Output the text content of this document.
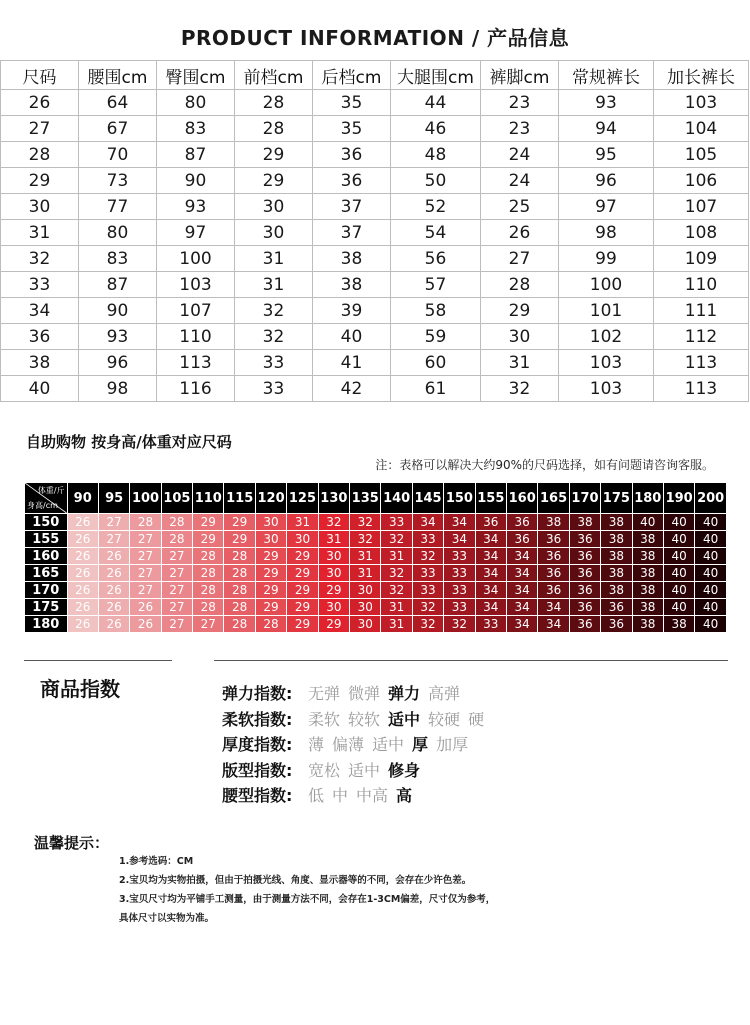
PRODUCT INFORMATION / 产品信息
尺码	腰围cm	臀围cm	前档cm	后档cm	大腿围cm	裤脚cm	常规裤长	加长裤长
26	64	80	28	35	44	23	93	103
27	67	83	28	35	46	23	94	104
28	70	87	29	36	48	24	95	105
29	73	90	29	36	50	24	96	106
30	77	93	30	37	52	25	97	107
31	80	97	30	37	54	26	98	108
32	83	100	31	38	56	27	99	109
33	87	103	31	38	57	28	100	110
34	90	107	32	39	58	29	101	111
36	93	110	32	40	59	30	102	112
38	96	113	33	41	60	31	103	113
40	98	116	33	42	61	32	103	113
自助购物 按身高/体重对应尺码
注：表格可以解决大约90%的尺码选择，如有问题请咨询客服。
体重/斤
身高/cm	90	95	100	105	110	115	120	125	130	135	140	145	150	155	160	165	170	175	180	190	200
150	26	27	28	28	29	29	30	31	32	32	33	34	34	36	36	38	38	38	40	40	40
155	26	27	27	28	29	29	30	30	31	32	32	33	34	34	36	36	36	38	38	40	40
160	26	26	27	27	28	28	29	29	30	31	31	32	33	34	34	36	36	38	38	40	40
165	26	26	27	27	28	28	29	29	30	31	32	33	33	34	34	36	36	38	38	40	40
170	26	26	27	27	28	28	29	29	29	30	32	33	33	34	34	36	36	38	38	40	40
175	26	26	26	27	28	28	29	29	30	30	31	32	33	34	34	34	36	36	38	40	40
180	26	26	26	27	27	28	28	29	29	30	31	32	32	33	34	34	36	36	38	38	40
商品指数	弹力指数: 无弹 微弹 弹力 高弹
柔软指数: 柔软 较软 适中 较硬 硬
厚度指数: 薄 偏薄 适中 厚 加厚
版型指数: 宽松 适中 修身
腰型指数: 低 中 中高 高
温馨提示：
1.参考选码：CM
2.宝贝均为实物拍摄，但由于拍摄光线、角度、显示器等的不同，会存在少许色差。
3.宝贝尺寸均为平铺手工测量，由于测量方法不同，会存在1-3CM偏差，尺寸仅为参考，
具体尺寸以实物为准。
